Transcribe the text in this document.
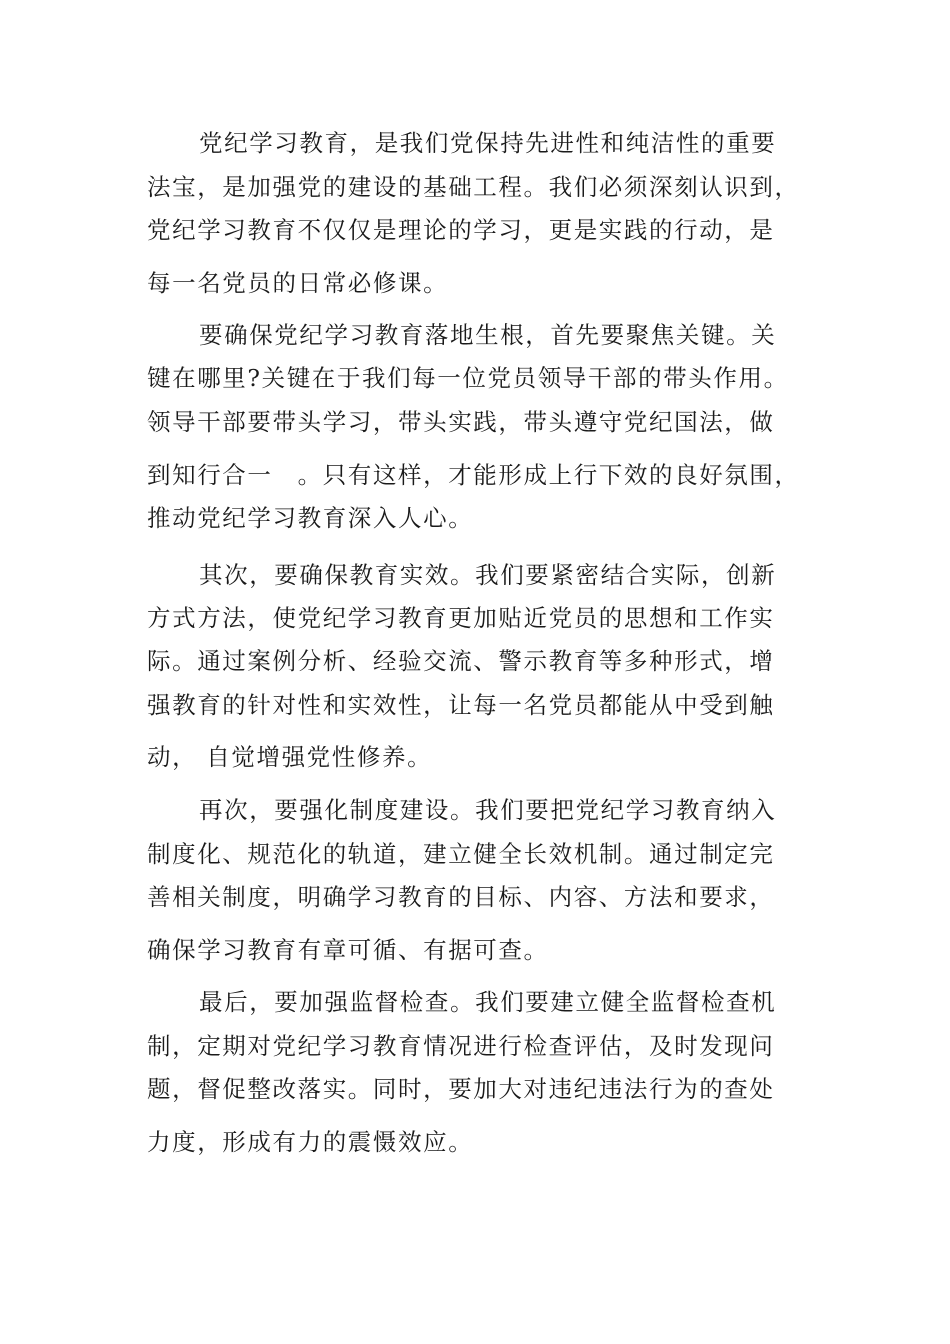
党纪学习教育，是我们党保持先进性和纯洁性的重要
法宝，是加强党的建设的基础工程。我们必须深刻认识到，
党纪学习教育不仅仅是理论的学习，更是实践的行动，是
每一名党员的日常必修课。
要确保党纪学习教育落地生根，首先要聚焦关键。关
键在哪里?关键在于我们每一位党员领导干部的带头作用。
领导干部要带头学习，带头实践，带头遵守党纪国法，做
到知行合一　。只有这样，才能形成上行下效的良好氛围，
推动党纪学习教育深入人心。
其次，要确保教育实效。我们要紧密结合实际，创新
方式方法，使党纪学习教育更加贴近党员的思想和工作实
际。通过案例分析、经验交流、警示教育等多种形式，增
强教育的针对性和实效性，让每一名党员都能从中受到触
动， 自觉增强党性修养。
再次，要强化制度建设。我们要把党纪学习教育纳入
制度化、规范化的轨道，建立健全长效机制。通过制定完
善相关制度，明确学习教育的目标、内容、方法和要求，
确保学习教育有章可循、有据可查。
最后，要加强监督检查。我们要建立健全监督检查机
制，定期对党纪学习教育情况进行检查评估，及时发现问
题，督促整改落实。同时，要加大对违纪违法行为的查处
力度，形成有力的震慑效应。
